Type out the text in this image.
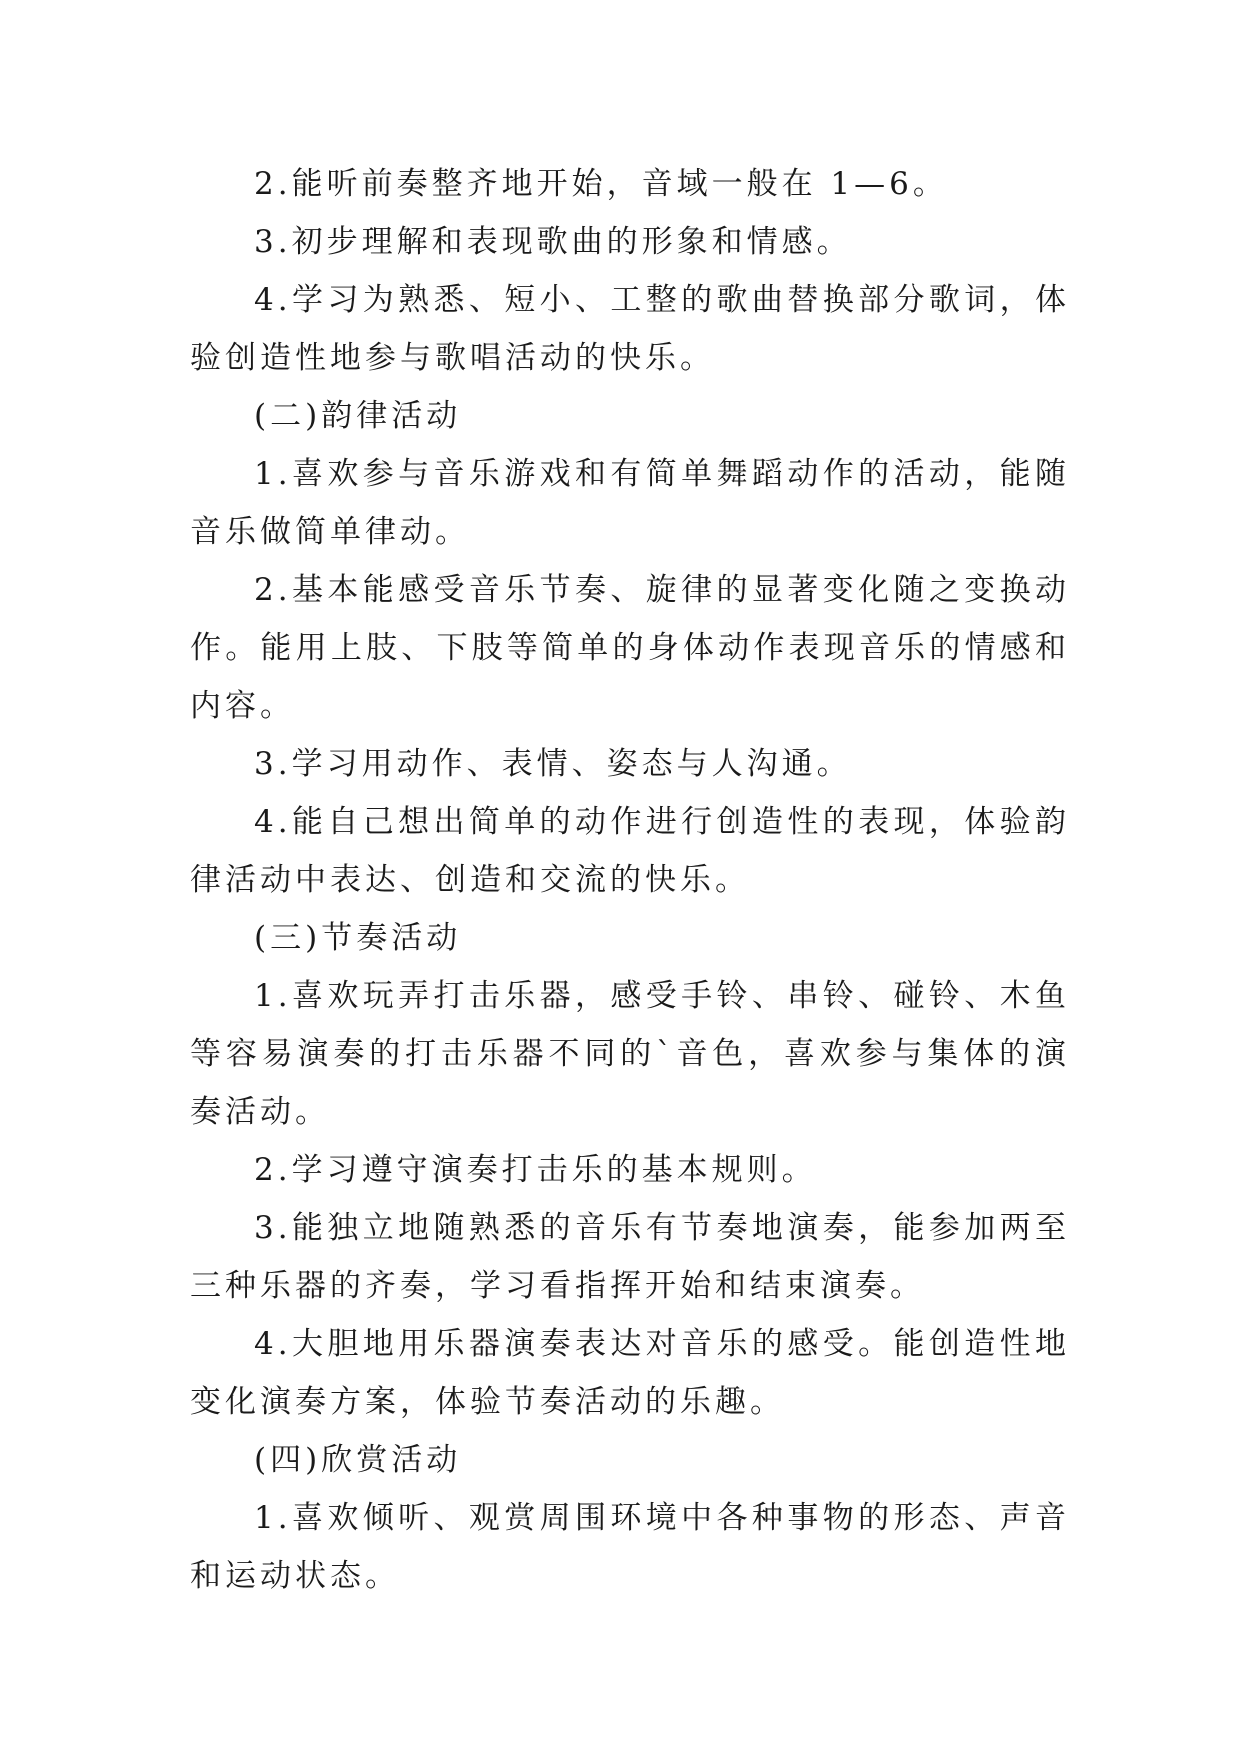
2.能听前奏整齐地开始，音域一般在 1—6。

3.初步理解和表现歌曲的形象和情感。

4.学习为熟悉、短小、工整的歌曲替换部分歌词，体验创造性地参与歌唱活动的快乐。

(二)韵律活动

1.喜欢参与音乐游戏和有简单舞蹈动作的活动，能随音乐做简单律动。

2.基本能感受音乐节奏、旋律的显著变化随之变换动作。能用上肢、下肢等简单的身体动作表现音乐的情感和内容。

3.学习用动作、表情、姿态与人沟通。

4.能自己想出简单的动作进行创造性的表现，体验韵律活动中表达、创造和交流的快乐。

(三)节奏活动

1.喜欢玩弄打击乐器，感受手铃、串铃、碰铃、木鱼等容易演奏的打击乐器不同的`音色，喜欢参与集体的演奏活动。

2.学习遵守演奏打击乐的基本规则。

3.能独立地随熟悉的音乐有节奏地演奏，能参加两至三种乐器的齐奏，学习看指挥开始和结束演奏。

4.大胆地用乐器演奏表达对音乐的感受。能创造性地变化演奏方案，体验节奏活动的乐趣。

(四)欣赏活动

1.喜欢倾听、观赏周围环境中各种事物的形态、声音和运动状态。
